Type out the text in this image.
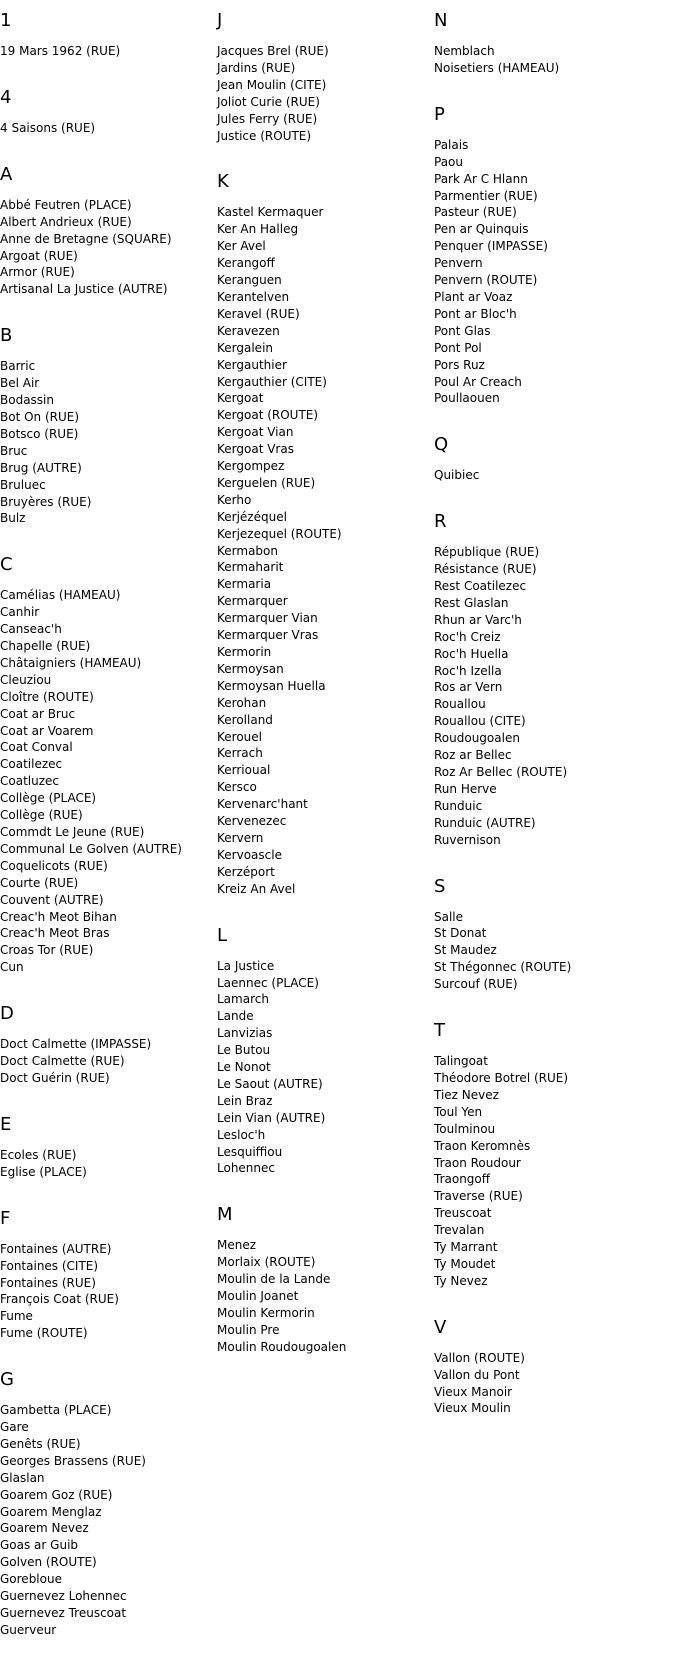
1
19 Mars 1962 (RUE)
4
4 Saisons (RUE)
A
Abbé Feutren (PLACE)
Albert Andrieux (RUE)
Anne de Bretagne (SQUARE)
Argoat (RUE)
Armor (RUE)
Artisanal La Justice (AUTRE)
B
Barric
Bel Air
Bodassin
Bot On (RUE)
Botsco (RUE)
Bruc
Brug (AUTRE)
Bruluec
Bruyères (RUE)
Bulz
C
Camélias (HAMEAU)
Canhir
Canseac'h
Chapelle (RUE)
Châtaigniers (HAMEAU)
Cleuziou
Cloître (ROUTE)
Coat ar Bruc
Coat ar Voarem
Coat Conval
Coatilezec
Coatluzec
Collège (PLACE)
Collège (RUE)
Commdt Le Jeune (RUE)
Communal Le Golven (AUTRE)
Coquelicots (RUE)
Courte (RUE)
Couvent (AUTRE)
Creac'h Meot Bihan
Creac'h Meot Bras
Croas Tor (RUE)
Cun
D
Doct Calmette (IMPASSE)
Doct Calmette (RUE)
Doct Guérin (RUE)
E
Ecoles (RUE)
Eglise (PLACE)
F
Fontaines (AUTRE)
Fontaines (CITE)
Fontaines (RUE)
François Coat (RUE)
Fume
Fume (ROUTE)
G
Gambetta (PLACE)
Gare
Genêts (RUE)
Georges Brassens (RUE)
Glaslan
Goarem Goz (RUE)
Goarem Menglaz
Goarem Nevez
Goas ar Guib
Golven (ROUTE)
Gorebloue
Guernevez Lohennec
Guernevez Treuscoat
Guerveur
J
Jacques Brel (RUE)
Jardins (RUE)
Jean Moulin (CITE)
Joliot Curie (RUE)
Jules Ferry (RUE)
Justice (ROUTE)
K
Kastel Kermaquer
Ker An Halleg
Ker Avel
Kerangoff
Keranguen
Kerantelven
Keravel (RUE)
Keravezen
Kergalein
Kergauthier
Kergauthier (CITE)
Kergoat
Kergoat (ROUTE)
Kergoat Vian
Kergoat Vras
Kergompez
Kerguelen (RUE)
Kerho
Kerjézéquel
Kerjezequel (ROUTE)
Kermabon
Kermaharit
Kermaria
Kermarquer
Kermarquer Vian
Kermarquer Vras
Kermorin
Kermoysan
Kermoysan Huella
Kerohan
Kerolland
Kerouel
Kerrach
Kerrioual
Kersco
Kervenarc'hant
Kervenezec
Kervern
Kervoascle
Kerzéport
Kreiz An Avel
L
La Justice
Laennec (PLACE)
Lamarch
Lande
Lanvizias
Le Butou
Le Nonot
Le Saout (AUTRE)
Lein Braz
Lein Vian (AUTRE)
Lesloc'h
Lesquiffiou
Lohennec
M
Menez
Morlaix (ROUTE)
Moulin de la Lande
Moulin Joanet
Moulin Kermorin
Moulin Pre
Moulin Roudougoalen
N
Nemblach
Noisetiers (HAMEAU)
P
Palais
Paou
Park Ar C Hlann
Parmentier (RUE)
Pasteur (RUE)
Pen ar Quinquis
Penquer (IMPASSE)
Penvern
Penvern (ROUTE)
Plant ar Voaz
Pont ar Bloc'h
Pont Glas
Pont Pol
Pors Ruz
Poul Ar Creach
Poullaouen
Q
Quibiec
R
République (RUE)
Résistance (RUE)
Rest Coatilezec
Rest Glaslan
Rhun ar Varc'h
Roc'h Creiz
Roc'h Huella
Roc'h Izella
Ros ar Vern
Rouallou
Rouallou (CITE)
Roudougoalen
Roz ar Bellec
Roz Ar Bellec (ROUTE)
Run Herve
Runduic
Runduic (AUTRE)
Ruvernison
S
Salle
St Donat
St Maudez
St Thégonnec (ROUTE)
Surcouf (RUE)
T
Talingoat
Théodore Botrel (RUE)
Tiez Nevez
Toul Yen
Toulminou
Traon Keromnès
Traon Roudour
Traongoff
Traverse (RUE)
Treuscoat
Trevalan
Ty Marrant
Ty Moudet
Ty Nevez
V
Vallon (ROUTE)
Vallon du Pont
Vieux Manoir
Vieux Moulin
